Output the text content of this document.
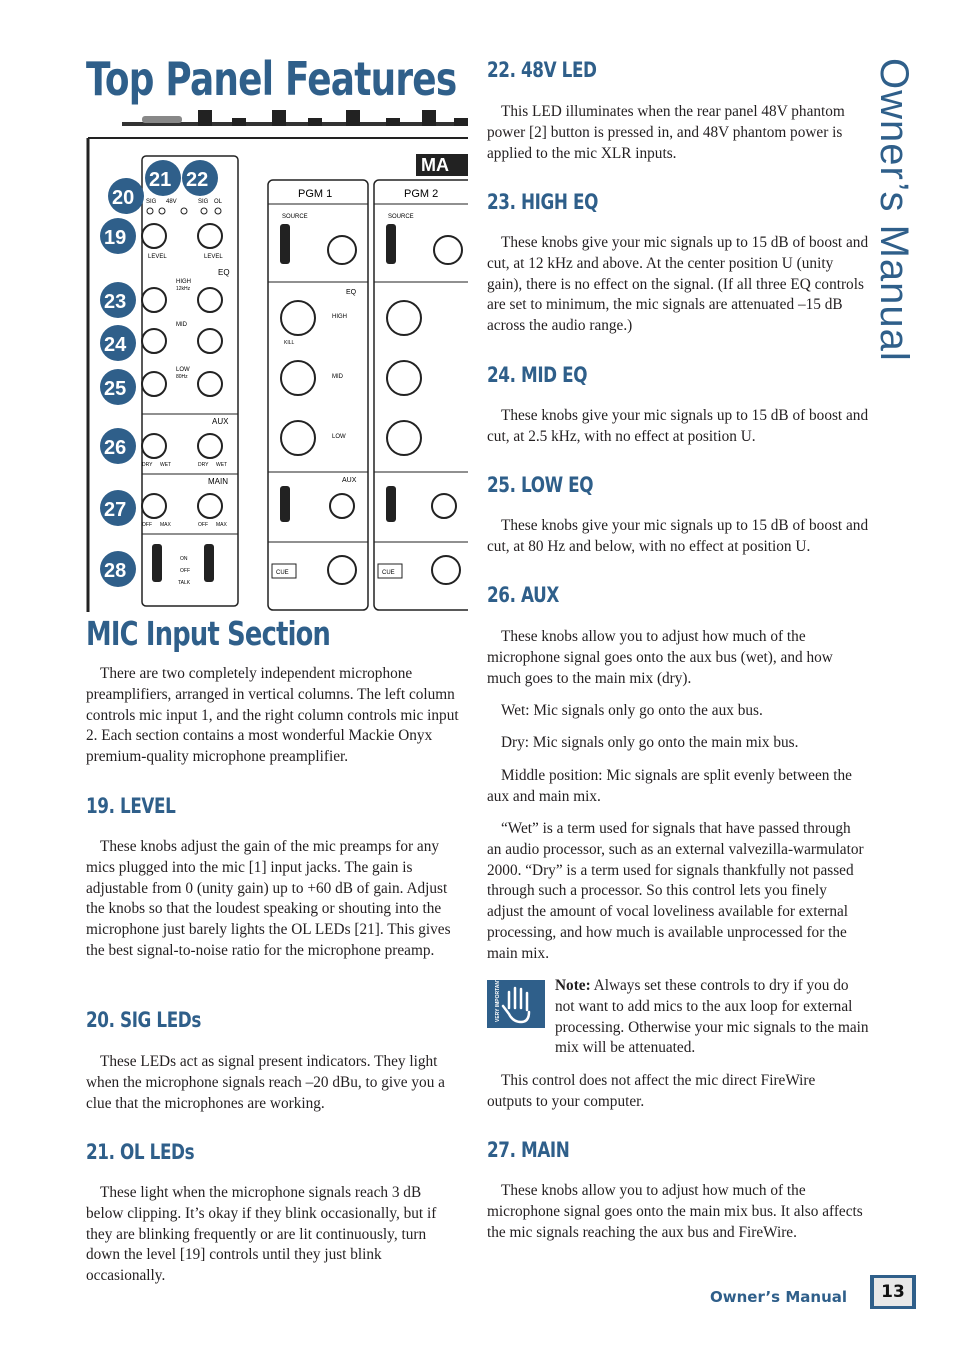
Top Panel Features	Owner’s Manual
MA
SIG 48V	SIG OL
LEVEL	LEVEL
EQ
HIGH
12kHz
MID
LOW
80Hz
AUX
DRY WET	DRY WET
MAIN
OFF MAX	OFF MAX
ON
OFF
TALK
PGM 1
SOURCE
EQ
HIGH
MID
LOW
KILL
AUX
CUE
PGM 2
SOURCE
CUE
21 22
20
19
23
24
25
26
27
28
MIC Input Section

There are two completely independent microphone preamplifiers, arranged in vertical columns. The left column controls mic input 1, and the right column controls mic input 2. Each section contains a most wonderful Mackie Onyx premium-quality microphone preamplifier.

19. LEVEL

These knobs adjust the gain of the mic preamps for any mics plugged into the mic [1] input jacks. The gain is adjustable from 0 (unity gain) up to +60 dB of gain. Adjust the knobs so that the loudest speaking or shouting into the microphone just barely lights the OL LEDs [21]. This gives the best signal-to-noise ratio for the microphone preamp.

20. SIG LEDs

These LEDs act as signal present indicators. They light when the microphone signals reach –20 dBu, to give you a clue that the microphones are working.

21. OL LEDs

These light when the microphone signals reach 3 dB below clipping. It’s okay if they blink occasionally, but if they are blinking frequently or are lit continuously, turn down the level [19] controls until they just blink occasionally.

22. 48V LED

This LED illuminates when the rear panel 48V phantom power [2] button is pressed in, and 48V phantom power is applied to the mic XLR inputs.

23. HIGH EQ

These knobs give your mic signals up to 15 dB of boost and cut, at 12 kHz and above. At the center position U (unity gain), there is no effect on the signal. (If all three EQ controls are set to minimum, the mic signals are attenuated –15 dB across the audio range.)

24. MID EQ

These knobs give your mic signals up to 15 dB of boost and cut, at 2.5 kHz, with no effect at position U.

25. LOW EQ

These knobs give your mic signals up to 15 dB of boost and cut, at 80 Hz and below, with no effect at position U.

26. AUX

These knobs allow you to adjust how much of the microphone signal goes onto the aux bus (wet), and how much goes to the main mix (dry).

Wet: Mic signals only go onto the aux bus.

Dry: Mic signals only go onto the main mix bus.

Middle position: Mic signals are split evenly between the aux and main mix.

“Wet” is a term used for signals that have passed through an audio processor, such as an external valvezilla-warmulator 2000. “Dry” is a term used for signals thankfully not passed through such a processor. So this control lets you finely adjust the amount of vocal loveliness available for external processing, and how much is available unprocessed for the main mix.

VERY IMPORTANT	Note: Always set these controls to dry if you do not want to add mics to the aux loop for external processing. Otherwise your mic signals to the main mix will be attenuated.

This control does not affect the mic direct FireWire outputs to your computer.

27. MAIN

These knobs allow you to adjust how much of the microphone signal goes onto the main mix bus. It also affects the mic signals reaching the aux bus and FireWire.

Owner’s Manual	13
